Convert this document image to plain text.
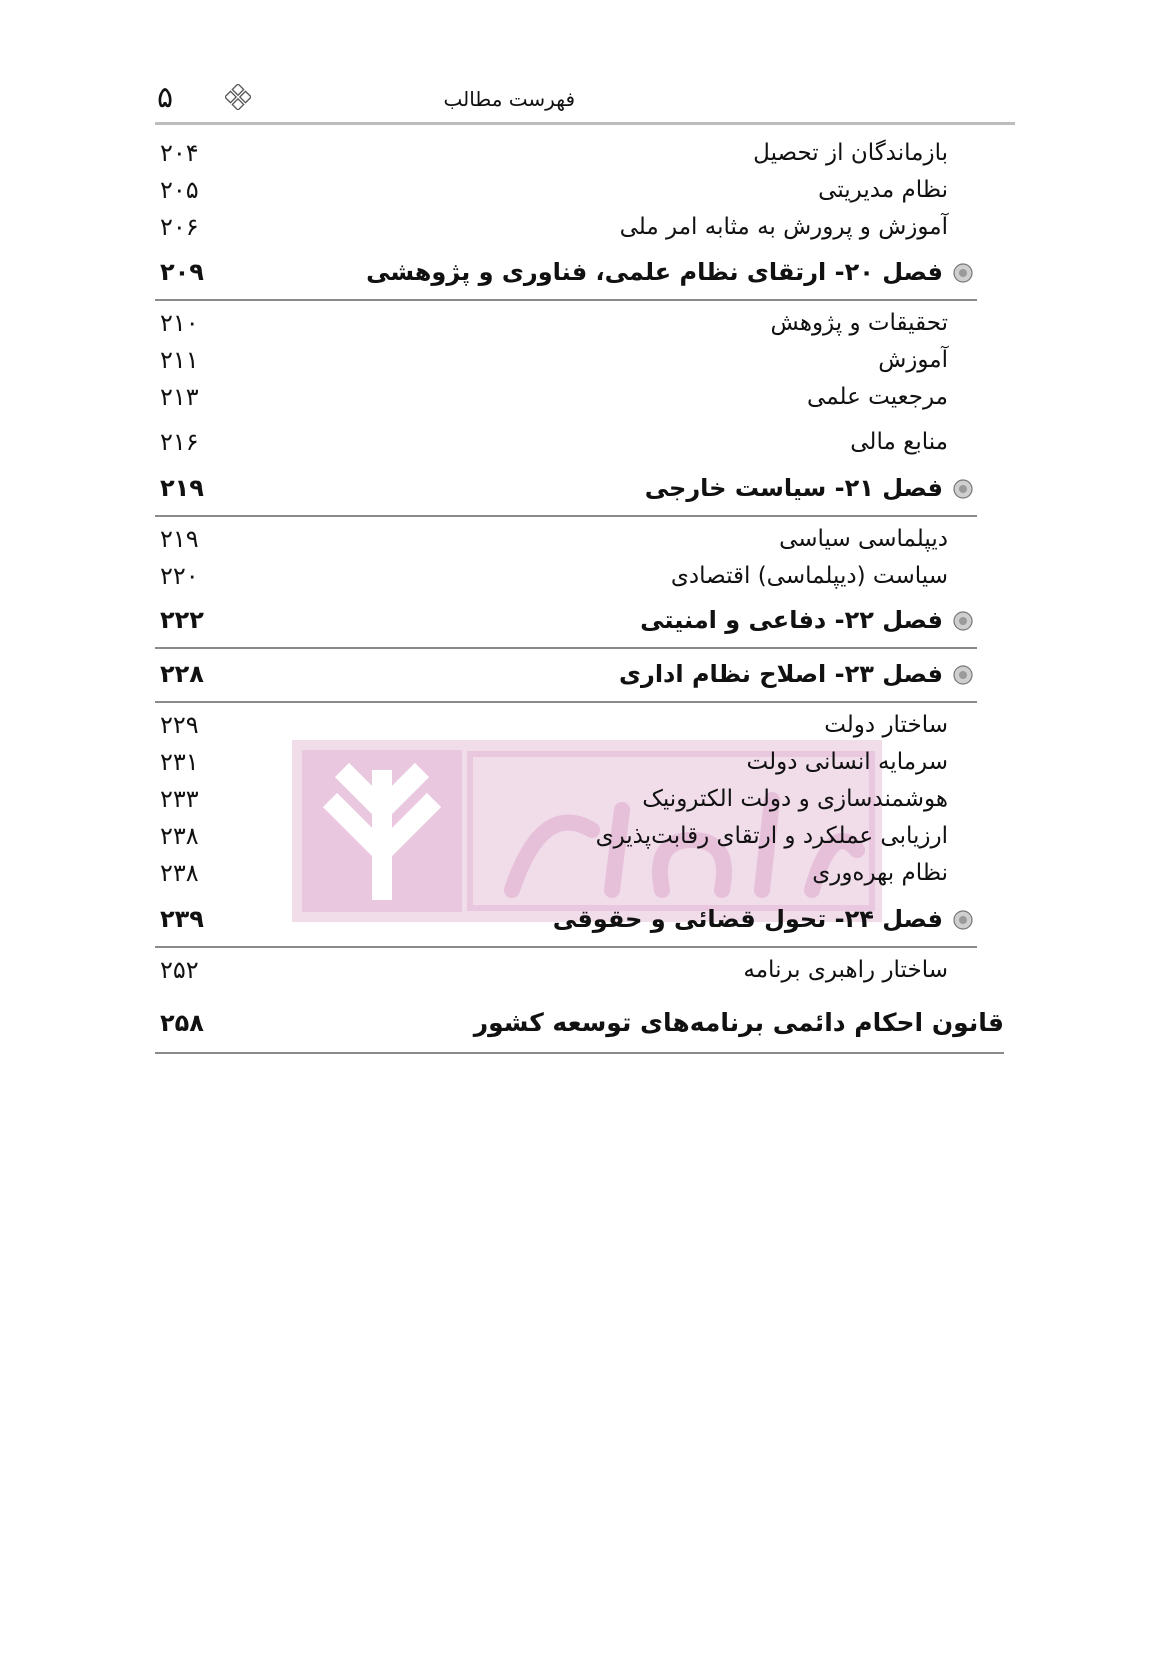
۵	فهرست مطالب
بازماندگان از تحصیل
۲۰۴
نظام مدیریتی
۲۰۵
آموزش و پرورش به مثابه امر ملی
۲۰۶
فصل ۲۰- ارتقای نظام علمی، فناوری و پژوهشی
۲۰۹
تحقیقات و پژوهش
۲۱۰
آموزش
۲۱۱
مرجعیت علمی
۲۱۳
منابع مالی
۲۱۶
فصل ۲۱- سیاست خارجی
۲۱۹
دیپلماسی سیاسی
۲۱۹
سیاست (دیپلماسی) اقتصادی
۲۲۰
فصل ۲۲- دفاعی و امنیتی
۲۲۲
فصل ۲۳- اصلاح نظام اداری
۲۲۸
ساختار دولت
۲۲۹
سرمایه انسانی دولت
۲۳۱
هوشمندسازی و دولت الکترونیک
۲۳۳
ارزیابی عملکرد و ارتقای رقابت‌پذیری
۲۳۸
نظام بهره‌وری
۲۳۸
فصل ۲۴- تحول قضائی و حقوقی
۲۳۹
ساختار راهبری برنامه
۲۵۲
قانون احکام دائمی برنامه‌های توسعه کشور
۲۵۸
